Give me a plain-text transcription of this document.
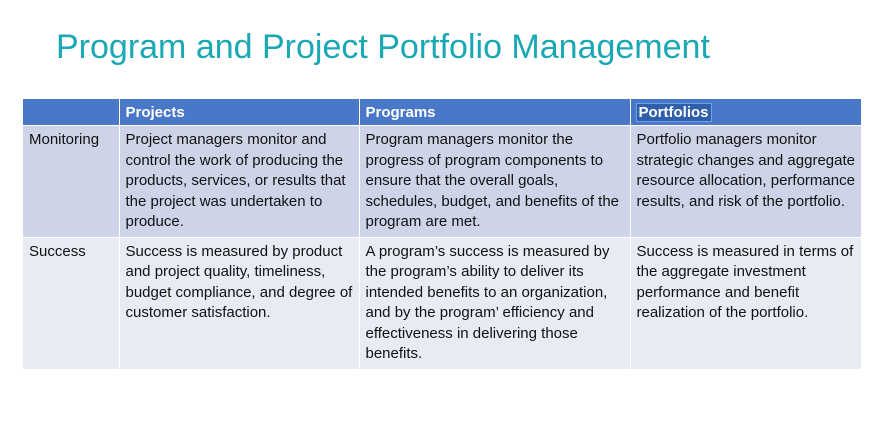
Program and Project Portfolio Management
	Projects	Programs	Portfolios
Monitoring	Project managers monitor and control the work of producing the products, services, or results that the project was undertaken to produce.	Program managers monitor the progress of program components to ensure that the overall goals, schedules, budget, and benefits of the program are met.	Portfolio managers monitor strategic changes and aggregate resource allocation, performance results, and risk of the portfolio.
Success	Success is measured by product and project quality, timeliness, budget compliance, and degree of customer satisfaction.	A program’s success is measured by the program’s ability to deliver its intended benefits to an organization, and by the program’ efficiency and effectiveness in delivering those benefits.	Success is measured in terms of the aggregate investment performance and benefit realization of the portfolio.
